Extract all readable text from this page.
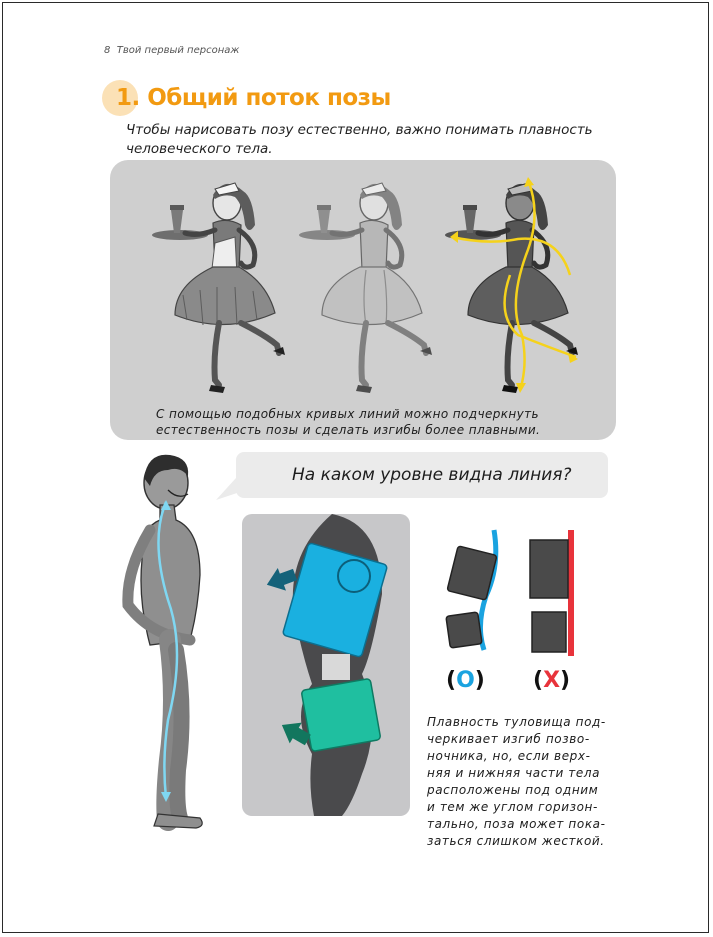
8 Твой первый персонаж
1. Общий поток позы
Чтобы нарисовать позу естественно, важно понимать плавность
человеческого тела.
С помощью подобных кривых линий можно подчеркнуть
естественность позы и сделать изгибы более плавными.
На каком уровне видна линия?
(O) (X)
Плавность туловища под-
черкивает изгиб позво-
ночника, но, если верх-
няя и нижняя части тела
расположены под одним
и тем же углом горизон-
тально, поза может пока-
заться слишком жесткой.
